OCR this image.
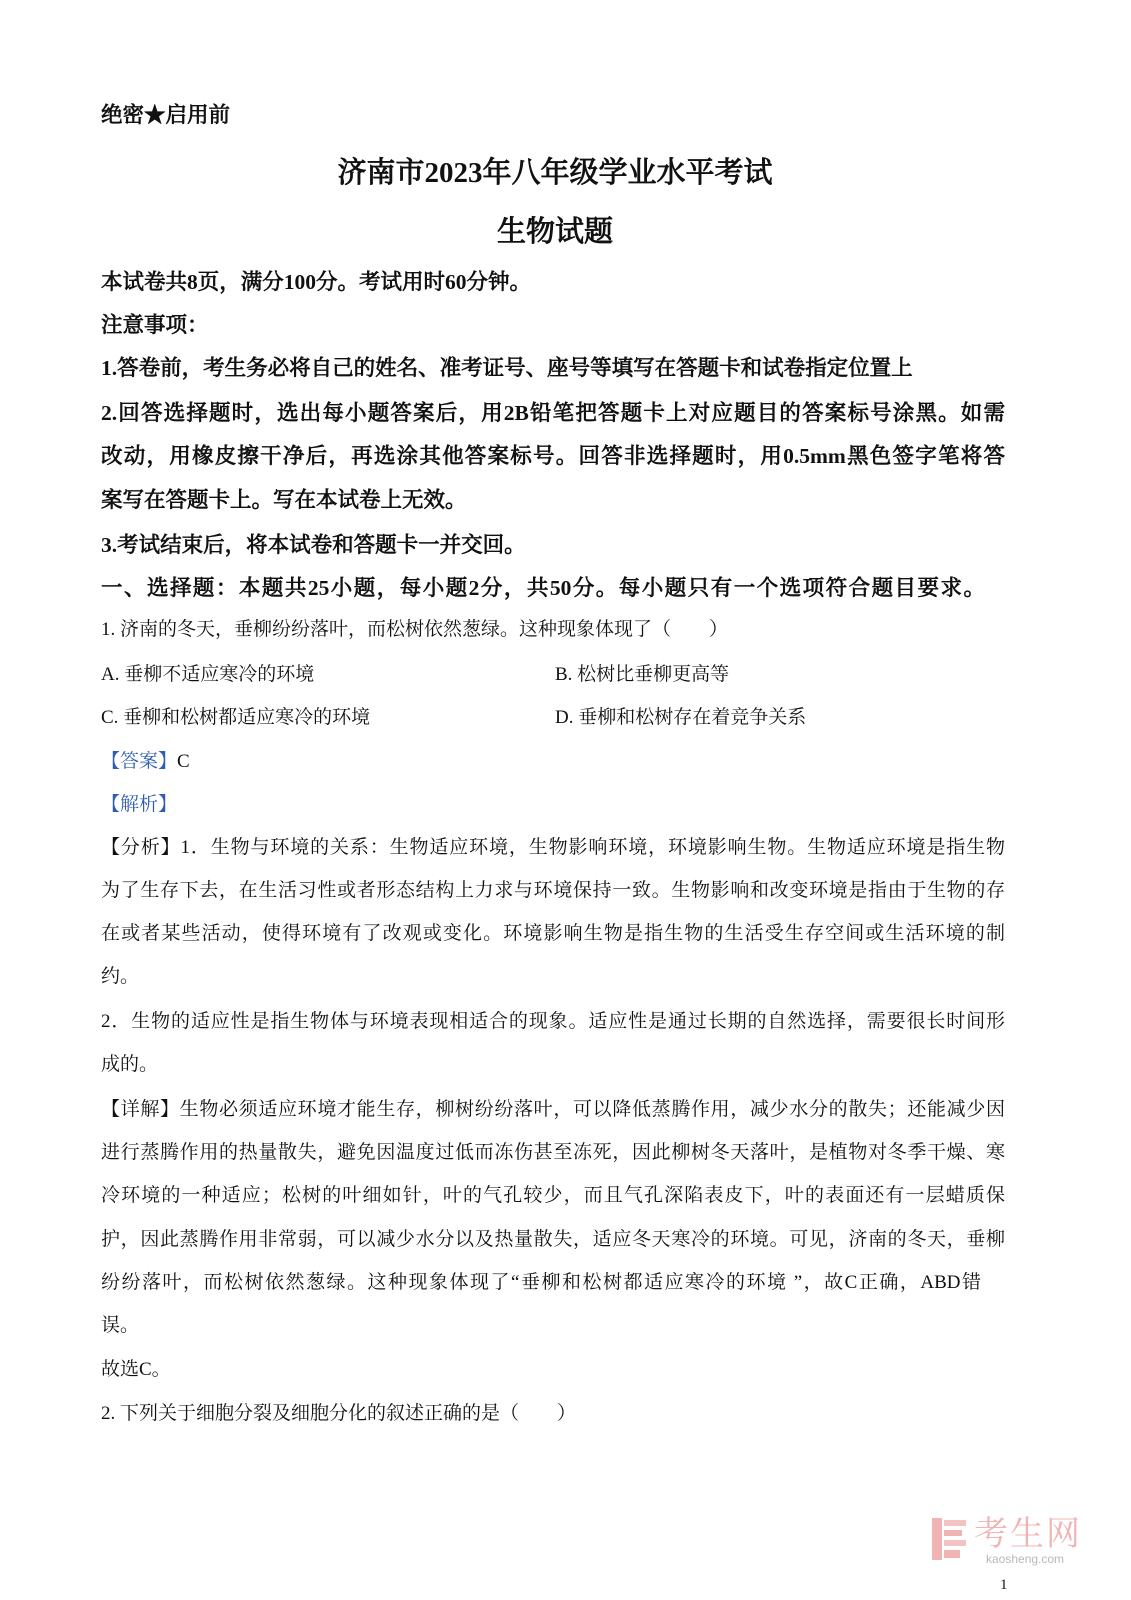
绝密★启用前
济南市2023年八年级学业水平考试
生物试题
本试卷共8页，满分100分。考试用时60分钟。
注意事项：
1.答卷前，考生务必将自己的姓名、准考证号、座号等填写在答题卡和试卷指定位置上
2.回答选择题时，选出每小题答案后，用2B铅笔把答题卡上对应题目的答案标号涂黑。如需
改动，用橡皮擦干净后，再选涂其他答案标号。回答非选择题时，用0.5mm黑色签字笔将答
案写在答题卡上。写在本试卷上无效。
3.考试结束后，将本试卷和答题卡一并交回。
一、选择题：本题共25小题，每小题2分，共50分。每小题只有一个选项符合题目要求。
1. 济南的冬天，垂柳纷纷落叶，而松树依然葱绿。这种现象体现了（　　）
A. 垂柳不适应寒冷的环境	B. 松树比垂柳更高等
C. 垂柳和松树都适应寒冷的环境	D. 垂柳和松树存在着竞争关系
【答案】C
【解析】
【分析】1．生物与环境的关系：生物适应环境，生物影响环境，环境影响生物。生物适应环境是指生物
为了生存下去，在生活习性或者形态结构上力求与环境保持一致。生物影响和改变环境是指由于生物的存
在或者某些活动，使得环境有了改观或变化。环境影响生物是指生物的生活受生存空间或生活环境的制
约。
2．生物的适应性是指生物体与环境表现相适合的现象。适应性是通过长期的自然选择，需要很长时间形
成的。
【详解】生物必须适应环境才能生存，柳树纷纷落叶，可以降低蒸腾作用，减少水分的散失；还能减少因
进行蒸腾作用的热量散失，避免因温度过低而冻伤甚至冻死，因此柳树冬天落叶，是植物对冬季干燥、寒
冷环境的一种适应；松树的叶细如针，叶的气孔较少，而且气孔深陷表皮下，叶的表面还有一层蜡质保
护，因此蒸腾作用非常弱，可以减少水分以及热量散失，适应冬天寒冷的环境。可见，济南的冬天，垂柳
纷纷落叶，而松树依然葱绿。这种现象体现了“垂柳和松树都适应寒冷的环境 ”，故C正确，ABD错
误。
故选C。
2. 下列关于细胞分裂及细胞分化的叙述正确的是（　　）
考生网
kaosheng.com
1
